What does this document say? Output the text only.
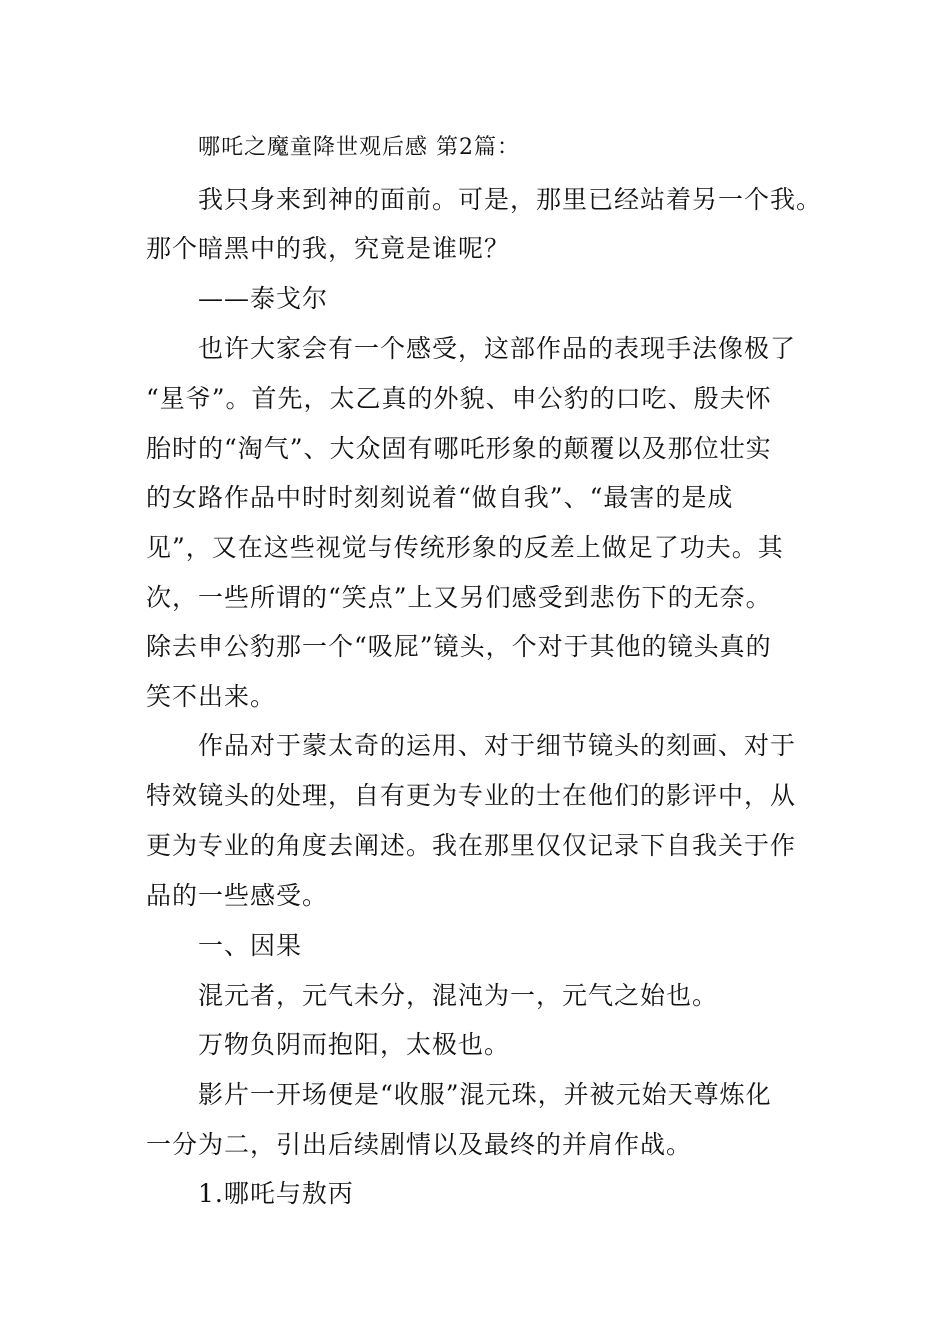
哪吒之魔童降世观后感 第2篇：
我只身来到神的面前。可是，那里已经站着另一个我。
那个暗黑中的我，究竟是谁呢？
——泰戈尔
也许大家会有一个感受，这部作品的表现手法像极了
“星爷”。首先，太乙真的外貌、申公豹的口吃、殷夫怀
胎时的“淘气”、大众固有哪吒形象的颠覆以及那位壮实
的女路作品中时时刻刻说着“做自我”、“最害的是成
见”，又在这些视觉与传统形象的反差上做足了功夫。其
次，一些所谓的“笑点”上又另们感受到悲伤下的无奈。
除去申公豹那一个“吸屁”镜头，个对于其他的镜头真的
笑不出来。
作品对于蒙太奇的运用、对于细节镜头的刻画、对于
特效镜头的处理，自有更为专业的士在他们的影评中，从
更为专业的角度去阐述。我在那里仅仅记录下自我关于作
品的一些感受。
一、因果
混元者，元气未分，混沌为一，元气之始也。
万物负阴而抱阳，太极也。
影片一开场便是“收服”混元珠，并被元始天尊炼化
一分为二，引出后续剧情以及最终的并肩作战。
1.哪吒与敖丙
